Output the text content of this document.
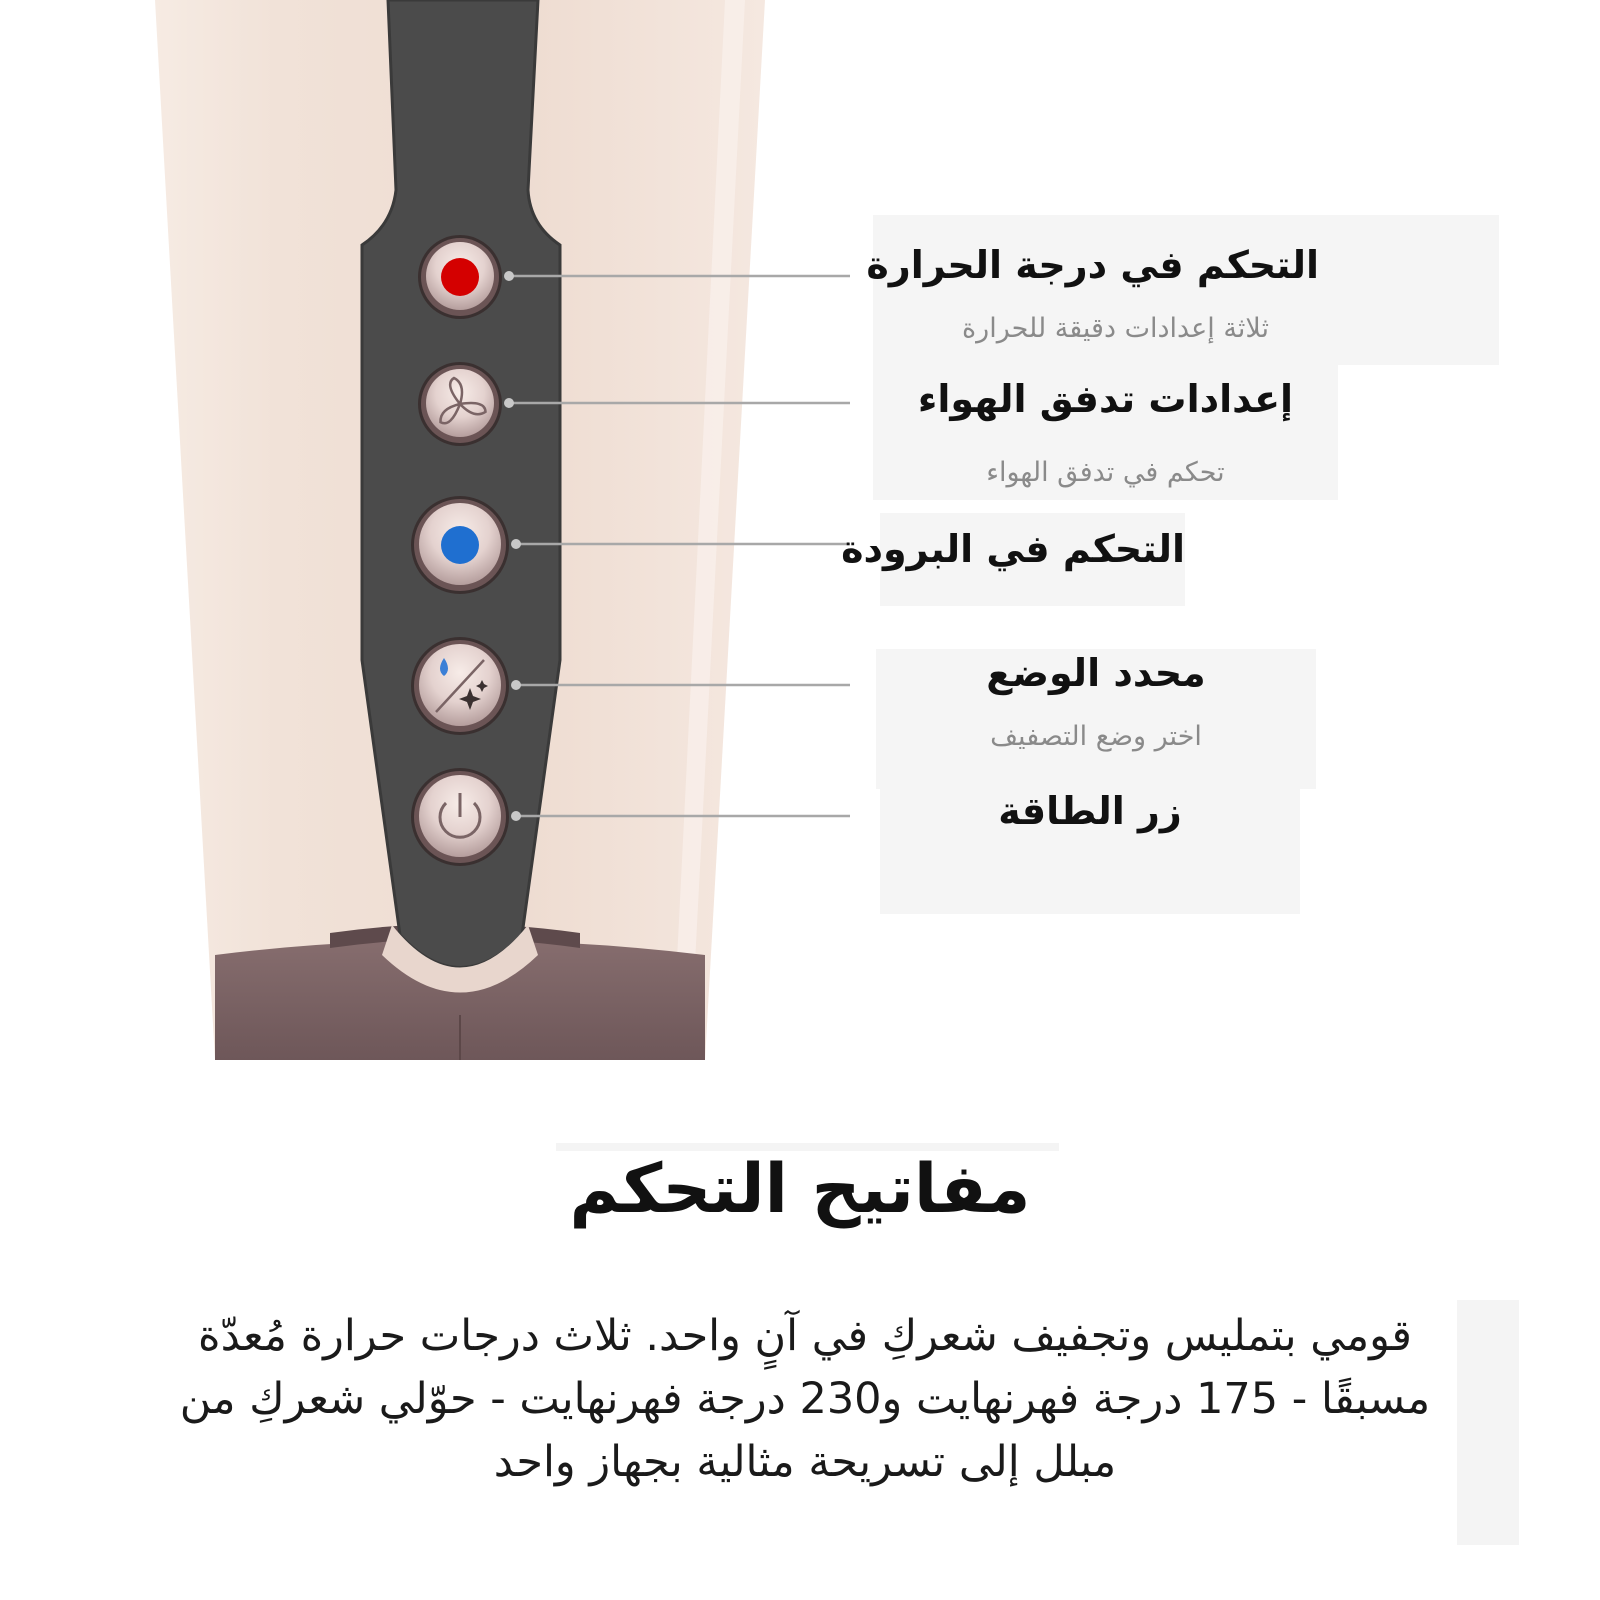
التحكم في درجة الحرارة
ثلاثة إعدادات دقيقة للحرارة
إعدادات تدفق الهواء
تحكم في تدفق الهواء
التحكم في البرودة
محدد الوضع
اختر وضع التصفيف
زر الطاقة
مفاتيح التحكم
قومي بتمليس وتجفيف شعركِ في آنٍ واحد. ثلاث درجات حرارة مُعدّة مسبقًا - 175 درجة فهرنهايت و230 درجة فهرنهايت - حوّلي شعركِ من مبلل إلى تسريحة مثالية بجهاز واحد
